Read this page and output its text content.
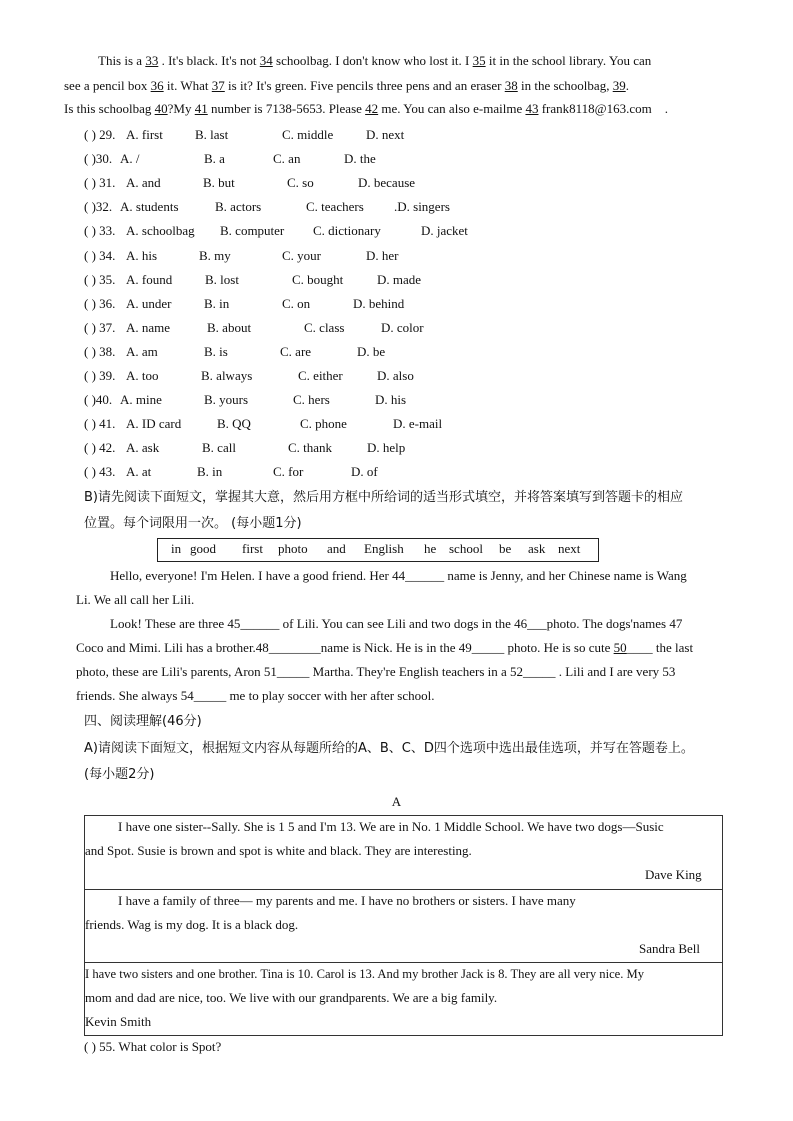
This is a 33 . It's black. It's not 34 schoolbag. I don't know who lost it. I 35 it in the school library. You can
see a pencil box 36 it. What 37 is it? It's green. Five pencils three pens and an eraser 38 in the schoolbag, 39.
Is this schoolbag 40?My 41 number is 7138-5653. Please 42 me. You can also e-mailme 43 frank8118@163.com .
( ) 29. A. first B. last	C. middle	D. next
( )30. A. /	B. a	C. an	D. the
( ) 31. A. and	B. but	C. so	D. because
( )32. A. students	B. actors	C. teachers .D. singers
( ) 33. A. schoolbag B. computer C. dictionary	D. jacket
( ) 34. A. his	B. my	C. your	D. her
( ) 35. A. found	B. lost	C. bought	D. made
( ) 36. A. under	B. in	C. on	D. behind
( ) 37. A. name	B. about	C. class	D. color
( ) 38. A. am	B. is	C. are	D. be
( ) 39. A. too	B. always	C. either	D. also
( )40. A. mine	B. yours	C. hers	D. his
( ) 41. A. ID card	B. QQ	C. phone	D. e-mail
( ) 42. A. ask	B. call	C. thank	D. help
( ) 43. A. at	B. in	C. for	D. of
B)请先阅读下面短文，掌握其大意，然后用方框中所给词的适当形式填空，并将答案填写到答题卡的相应
位置。每个词限用一次。 (每小题1分)
in good first photo and English he school be ask next
Hello, everyone! I'm Helen. I have a good friend. Her 44______ name is Jenny, and her Chinese name is Wang
Li. We all call her Lili.
Look! These are three 45______ of Lili. You can see Lili and two dogs in the 46___photo. The dogs'names 47
Coco and Mimi. Lili has a brother.48________name is Nick. He is in the 49_____ photo. He is so cute 50____ the last
photo, these are Lili's parents, Aron 51_____ Martha. They're English teachers in a 52_____ . Lili and I are very 53
friends. She always 54_____ me to play soccer with her after school.
四、阅读理解(46分)
A)请阅读下面短文，根据短文内容从每题所给的A、B、C、D四个选项中选出最佳选项，并写在答题卷上。
(每小题2分)
A
I have one sister--Sally. She is 1 5 and I'm 13. We are in No. 1 Middle School. We have two dogs—Susic
and Spot. Susie is brown and spot is white and black. They are interesting.
Dave King

I have a family of three— my parents and me. I have no brothers or sisters. I have many
friends. Wag is my dog. It is a black dog.
Sandra Bell

I have two sisters and one brother. Tina is 10. Carol is 13. And my brother Jack is 8. They are all very nice. My
mom and dad are nice, too. We live with our grandparents. We are a big family.
Kevin Smith
( ) 55. What color is Spot?
